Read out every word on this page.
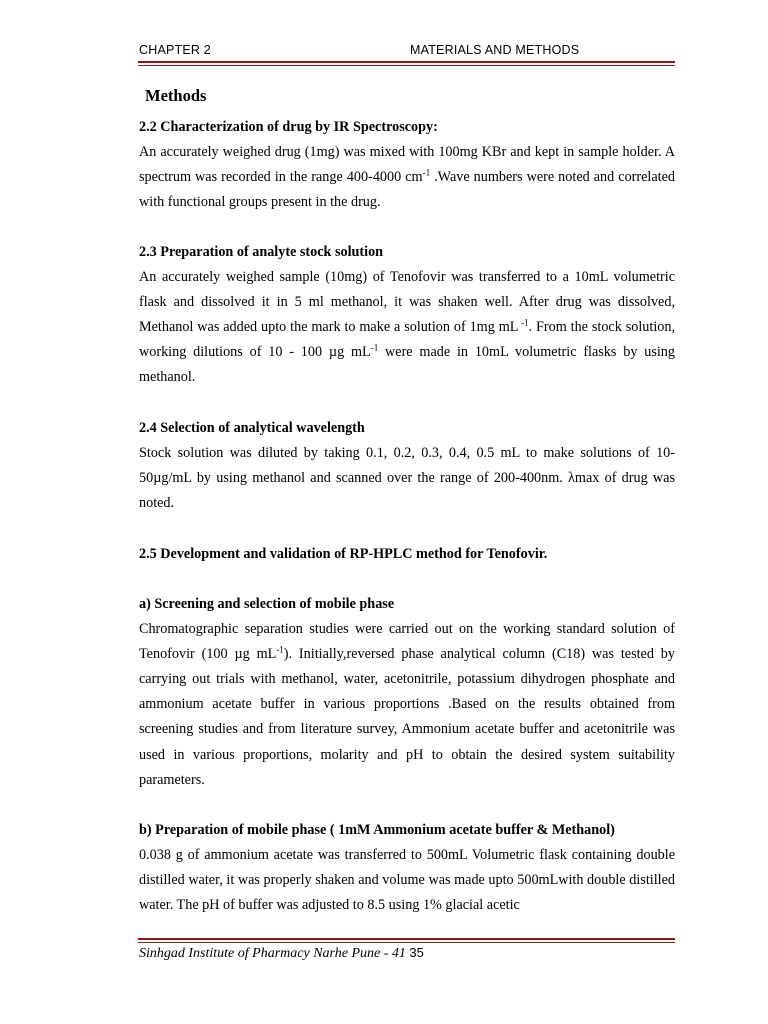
CHAPTER 2	MATERIALS AND METHODS
Methods

2.2 Characterization of drug by IR Spectroscopy:

An accurately weighed drug (1mg) was mixed with 100mg KBr and kept in sample holder. A spectrum was recorded in the range 400-4000 $cm^{-1}$ .Wave numbers were noted and correlated with functional groups present in the drug.

2.3 Preparation of analyte stock solution

An accurately weighed sample (10mg) of Tenofovir was transferred to a 10mL volumetric flask and dissolved it in 5 ml methanol, it was shaken well. After drug was dissolved, Methanol was added upto the mark to make a solution of 1mg mL $^{-1}$. From the stock solution, working dilutions of 10 - 100 µg $mL^{-1}$ were made in 10mL volumetric flasks by using methanol.

2.4 Selection of analytical wavelength

Stock solution was diluted by taking 0.1, 0.2, 0.3, 0.4, 0.5 mL to make solutions of 10-50µg/mL by using methanol and scanned over the range of 200-400nm. λmax of drug was noted.

2.5 Development and validation of RP-HPLC method for Tenofovir.

a) Screening and selection of mobile phase

Chromatographic separation studies were carried out on the working standard solution of Tenofovir (100 µg $mL^{-1}$). Initially,reversed phase analytical column (C18) was tested by carrying out trials with methanol, water, acetonitrile, potassium dihydrogen phosphate and ammonium acetate buffer in various proportions .Based on the results obtained from screening studies and from literature survey, Ammonium acetate buffer and acetonitrile was used in various proportions, molarity and pH to obtain the desired system suitability parameters.

b) Preparation of mobile phase ( 1mM Ammonium acetate buffer & Methanol)

0.038 g of ammonium acetate was transferred to 500mL Volumetric flask containing double distilled water, it was properly shaken and volume was made upto 500mLwith double distilled water. The pH of buffer was adjusted to 8.5 using 1% glacial acetic

Sinhgad Institute of Pharmacy Narhe Pune - 41 35
